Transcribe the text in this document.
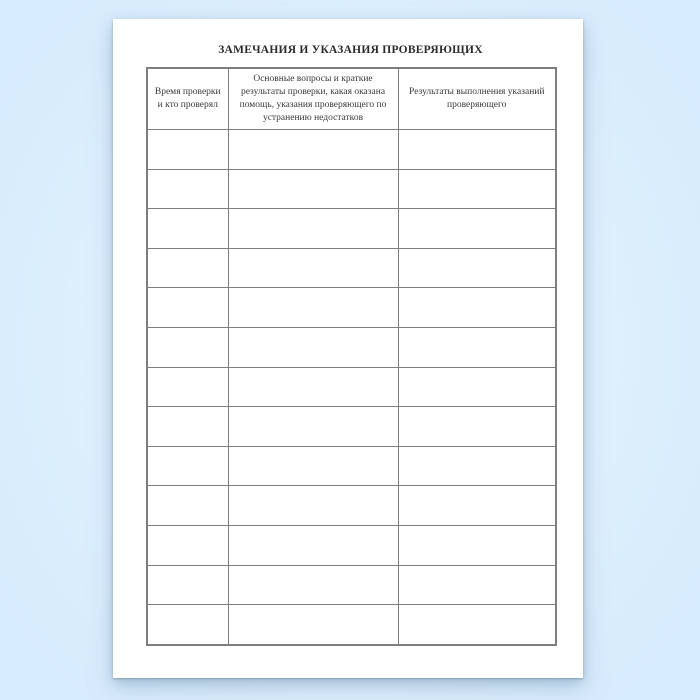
ЗАМЕЧАНИЯ И УКАЗАНИЯ ПРОВЕРЯЮЩИХ
Время проверки и кто проверял	Основные вопросы и краткие результаты проверки, какая оказана помощь, указания проверяющего по устранению недостатков	Результаты выполнения указаний проверяющего
